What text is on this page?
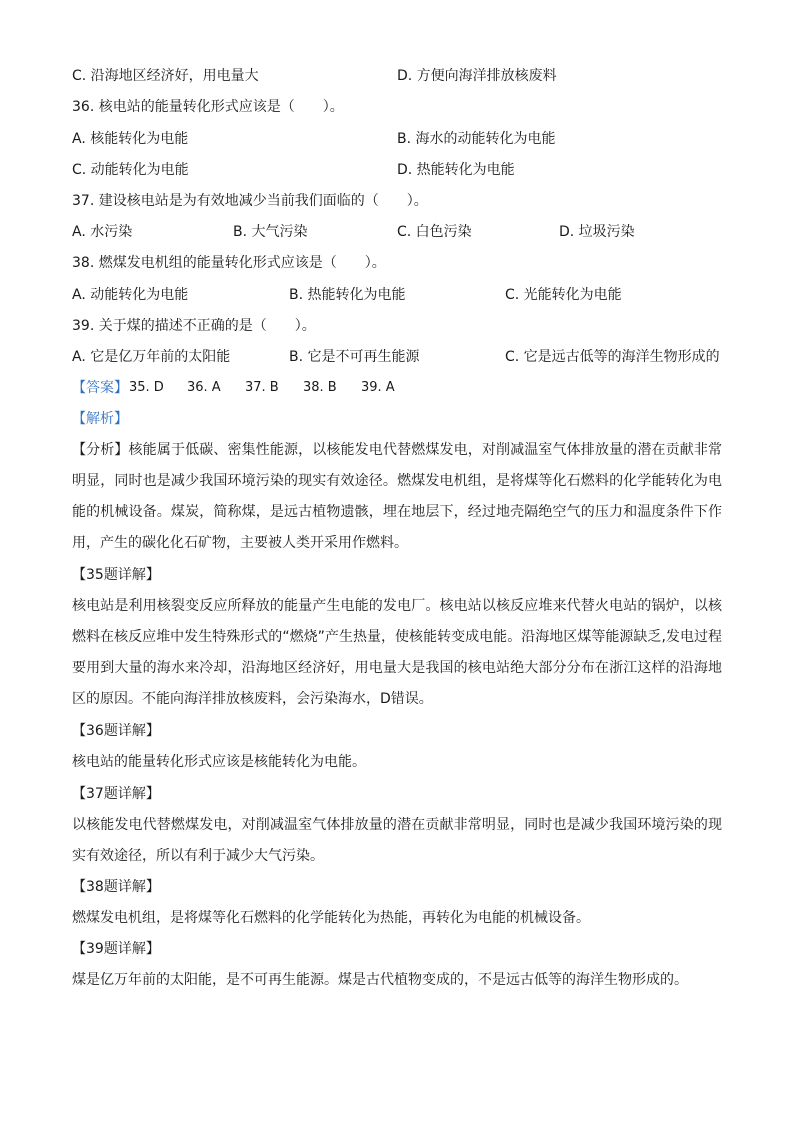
C. 沿海地区经济好，用电量大	D. 方便向海洋排放核废料
36. 核电站的能量转化形式应该是（　　）。
A. 核能转化为电能	B. 海水的动能转化为电能
C. 动能转化为电能	D. 热能转化为电能
37. 建设核电站是为有效地减少当前我们面临的（　　）。
A. 水污染	B. 大气污染	C. 白色污染	D. 垃圾污染
38. 燃煤发电机组的能量转化形式应该是（　　）。
A. 动能转化为电能	B. 热能转化为电能	C. 光能转化为电能
39. 关于煤的描述不正确的是（　　）。
A. 它是亿万年前的太阳能	B. 它是不可再生能源	C. 它是远古低等的海洋生物形成的
【答案】 35. D 36. A 37. B 38. B 39. A
【解析】
【分析】核能属于低碳、密集性能源，以核能发电代替燃煤发电，对削减温室气体排放量的潜在贡献非常明显，同时也是减少我国环境污染的现实有效途径。燃煤发电机组，是将煤等化石燃料的化学能转化为电能的机械设备。煤炭，简称煤，是远古植物遗骸，埋在地层下，经过地壳隔绝空气的压力和温度条件下作用，产生的碳化化石矿物，主要被人类开采用作燃料。
【35题详解】
核电站是利用核裂变反应所释放的能量产生电能的发电厂。核电站以核反应堆来代替火电站的锅炉，以核燃料在核反应堆中发生特殊形式的“燃烧”产生热量，使核能转变成电能。沿海地区煤等能源缺乏,发电过程要用到大量的海水来冷却，沿海地区经济好，用电量大是我国的核电站绝大部分分布在浙江这样的沿海地区的原因。不能向海洋排放核废料，会污染海水，D错误。
【36题详解】
核电站的能量转化形式应该是核能转化为电能。
【37题详解】
以核能发电代替燃煤发电，对削减温室气体排放量的潜在贡献非常明显，同时也是减少我国环境污染的现实有效途径，所以有利于减少大气污染。
【38题详解】
燃煤发电机组，是将煤等化石燃料的化学能转化为热能，再转化为电能的机械设备。
【39题详解】
煤是亿万年前的太阳能，是不可再生能源。煤是古代植物变成的，不是远古低等的海洋生物形成的。
